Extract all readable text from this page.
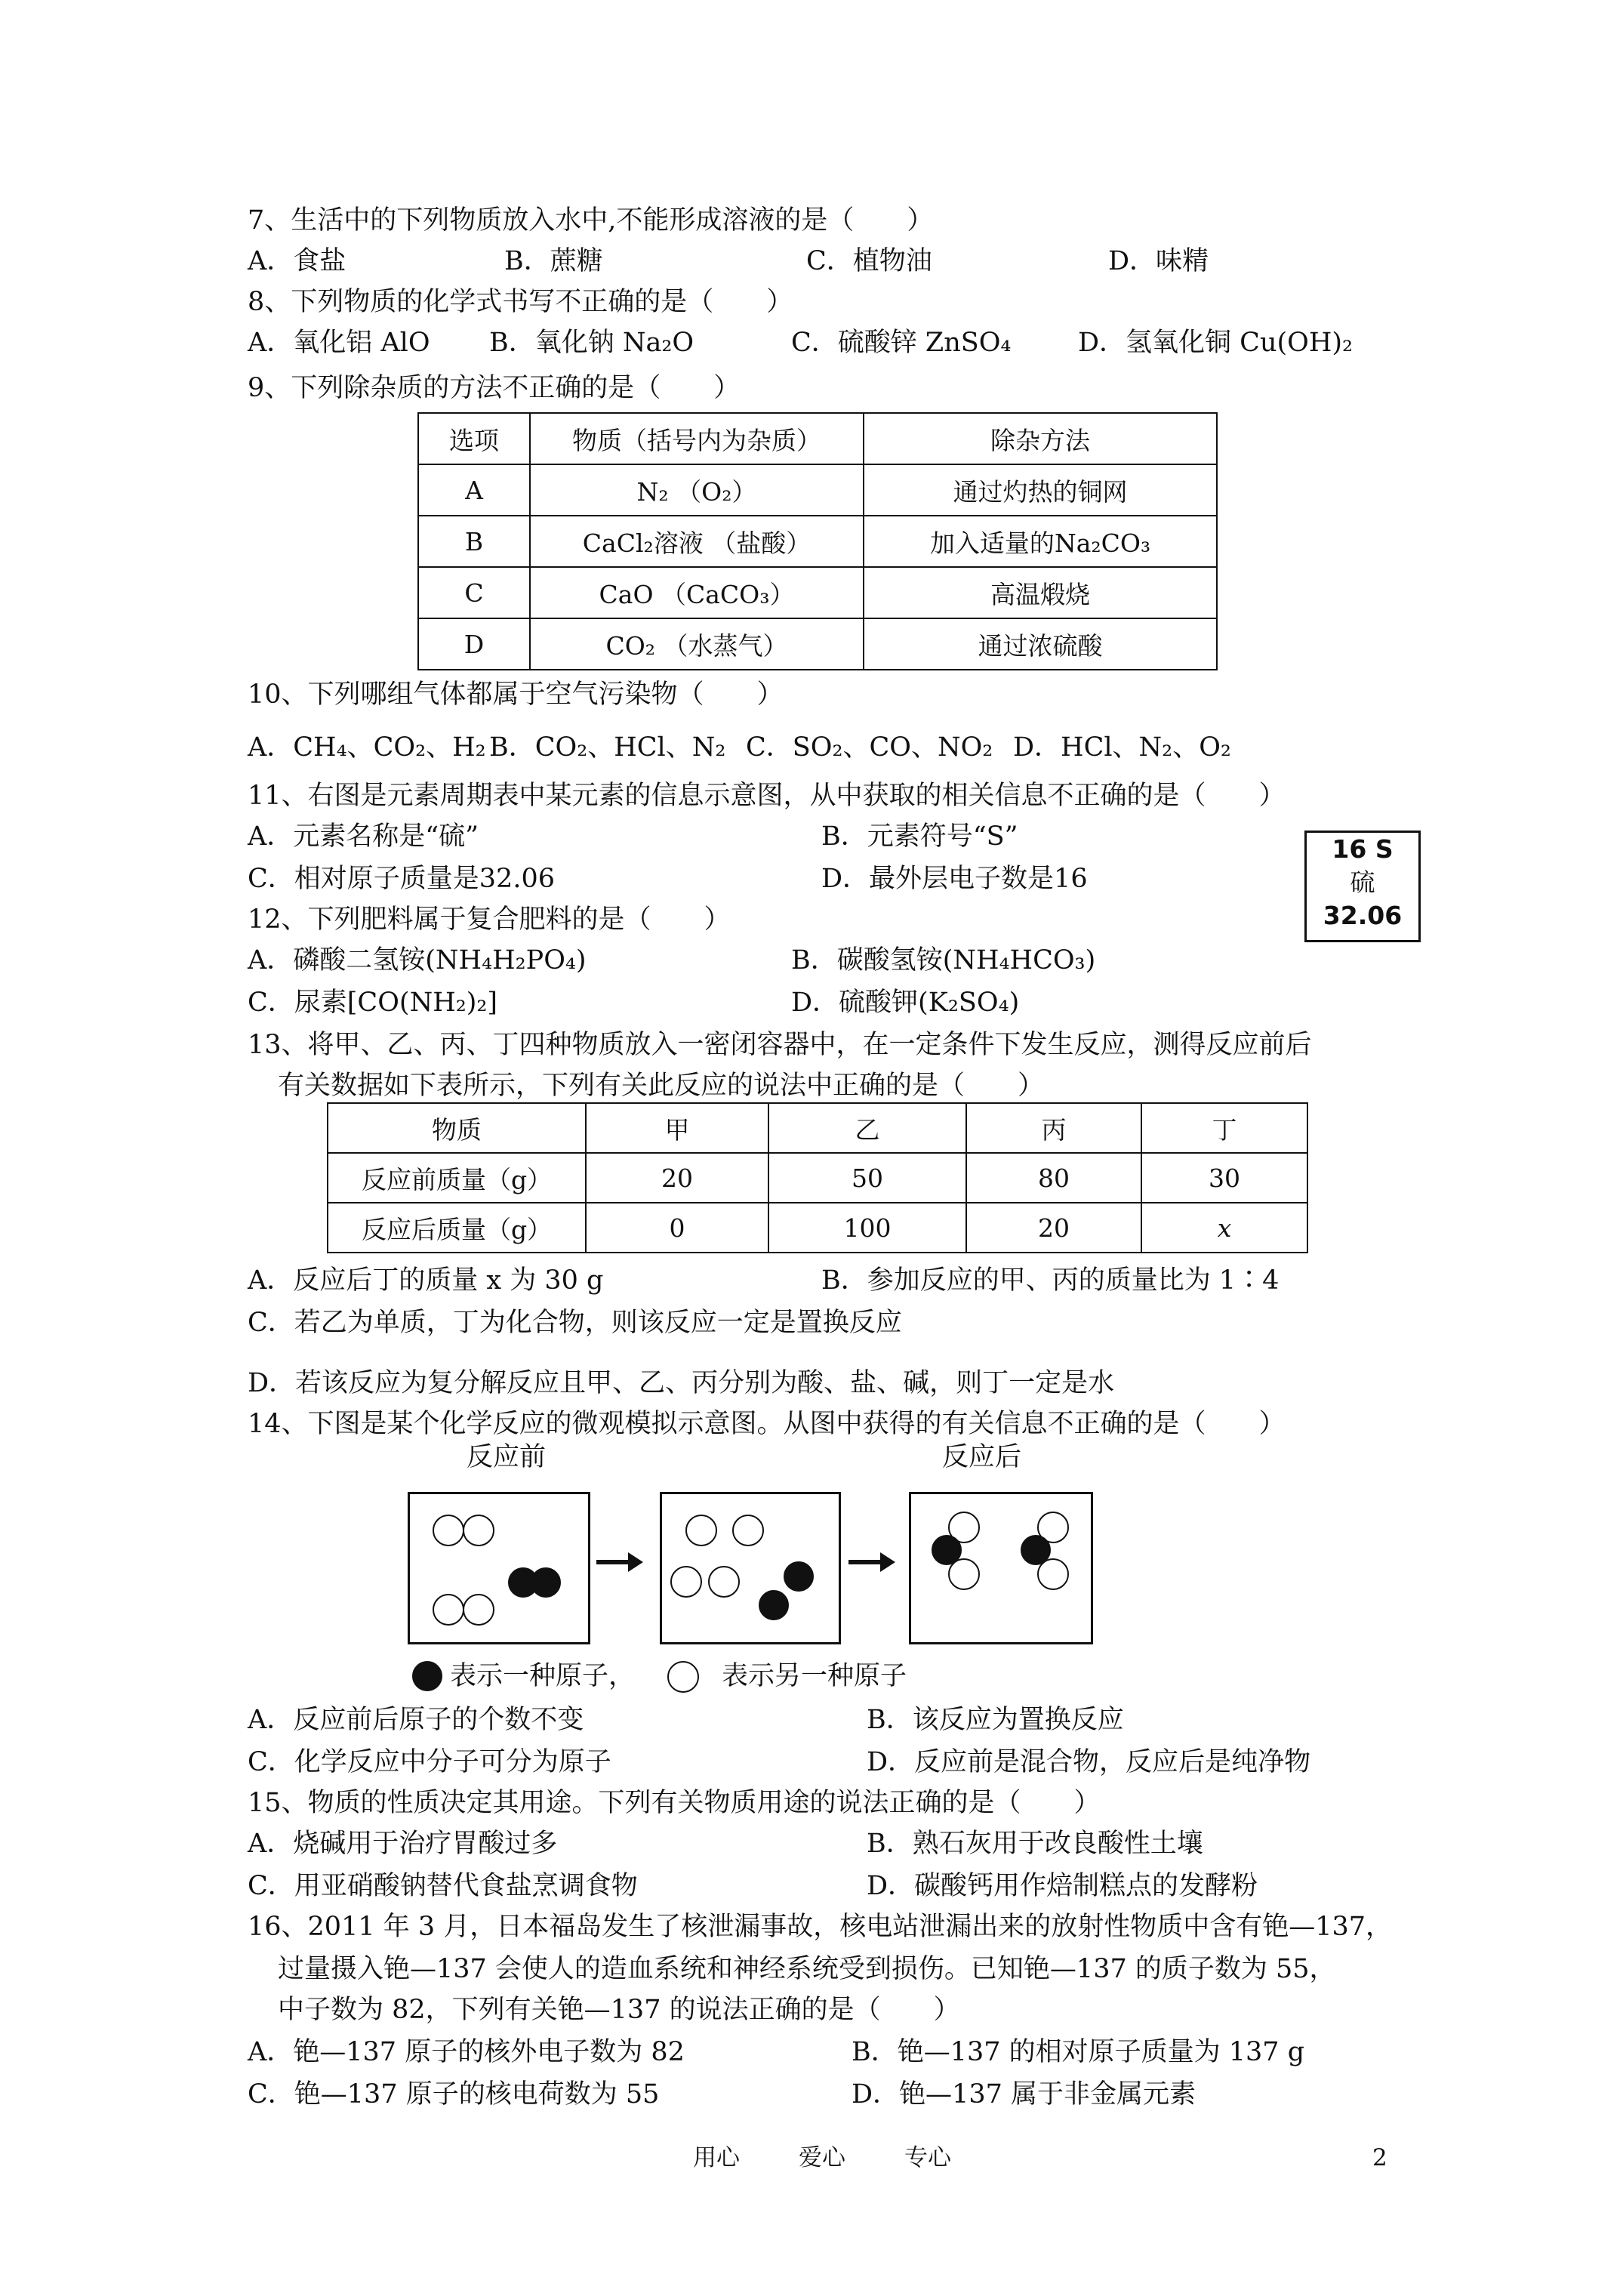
7、生活中的下列物质放入水中,不能形成溶液的是（　　）
A．食盐	B．蔗糖	C．植物油	D．味精
8、下列物质的化学式书写不正确的是（　　）
A．氧化铝 AlO B．氧化钠 Na₂O	C．硫酸锌 ZnSO₄	D．氢氧化铜 Cu(OH)₂
9、下列除杂质的方法不正确的是（　　）
选项	物质（括号内为杂质）	除杂方法
A	N₂ （O₂）	通过灼热的铜网
B	CaCl₂溶液 （盐酸）	加入适量的Na₂CO₃
C	CaO （CaCO₃）	高温煅烧
D	CO₂ （水蒸气）	通过浓硫酸
10、下列哪组气体都属于空气污染物（　　）
A．CH₄、CO₂、H₂ B．CO₂、HCl、N₂ C．SO₂、CO、NO₂ D．HCl、N₂、O₂
11、右图是元素周期表中某元素的信息示意图，从中获取的相关信息不正确的是（　　）
A．元素名称是“硫”	B．元素符号“S”
C．相对原子质量是32.06	D．最外层电子数是16
16 S
硫
32.06
12、下列肥料属于复合肥料的是（　　）
A．磷酸二氢铵(NH₄H₂PO₄)	B．碳酸氢铵(NH₄HCO₃)
C．尿素[CO(NH₂)₂]	D．硫酸钾(K₂SO₄)
13、将甲、乙、丙、丁四种物质放入一密闭容器中，在一定条件下发生反应，测得反应前后
有关数据如下表所示，下列有关此反应的说法中正确的是（　　）
物质	甲	乙	丙	丁
反应前质量（g）	20	50	80	30
反应后质量（g）	0	100	20	x
A．反应后丁的质量 x 为 30 g	B．参加反应的甲、丙的质量比为 1∶4
C．若乙为单质，丁为化合物，则该反应一定是置换反应
D．若该反应为复分解反应且甲、乙、丙分别为酸、盐、碱，则丁一定是水
14、下图是某个化学反应的微观模拟示意图。从图中获得的有关信息不正确的是（　　）
反应前	反应后
表示一种原子，	表示另一种原子
A．反应前后原子的个数不变	B．该反应为置换反应
C．化学反应中分子可分为原子	D．反应前是混合物，反应后是纯净物
15、物质的性质决定其用途。下列有关物质用途的说法正确的是（　　）
A．烧碱用于治疗胃酸过多	B．熟石灰用于改良酸性土壤
C．用亚硝酸钠替代食盐烹调食物	D．碳酸钙用作焙制糕点的发酵粉
16、2011 年 3 月，日本福岛发生了核泄漏事故，核电站泄漏出来的放射性物质中含有铯—137，
过量摄入铯—137 会使人的造血系统和神经系统受到损伤。已知铯—137 的质子数为 55，
中子数为 82，下列有关铯—137 的说法正确的是（　　）
A．铯—137 原子的核外电子数为 82	B．铯—137 的相对原子质量为 137 g
C．铯—137 原子的核电荷数为 55	D．铯—137 属于非金属元素
用心	爱心	专心	2
